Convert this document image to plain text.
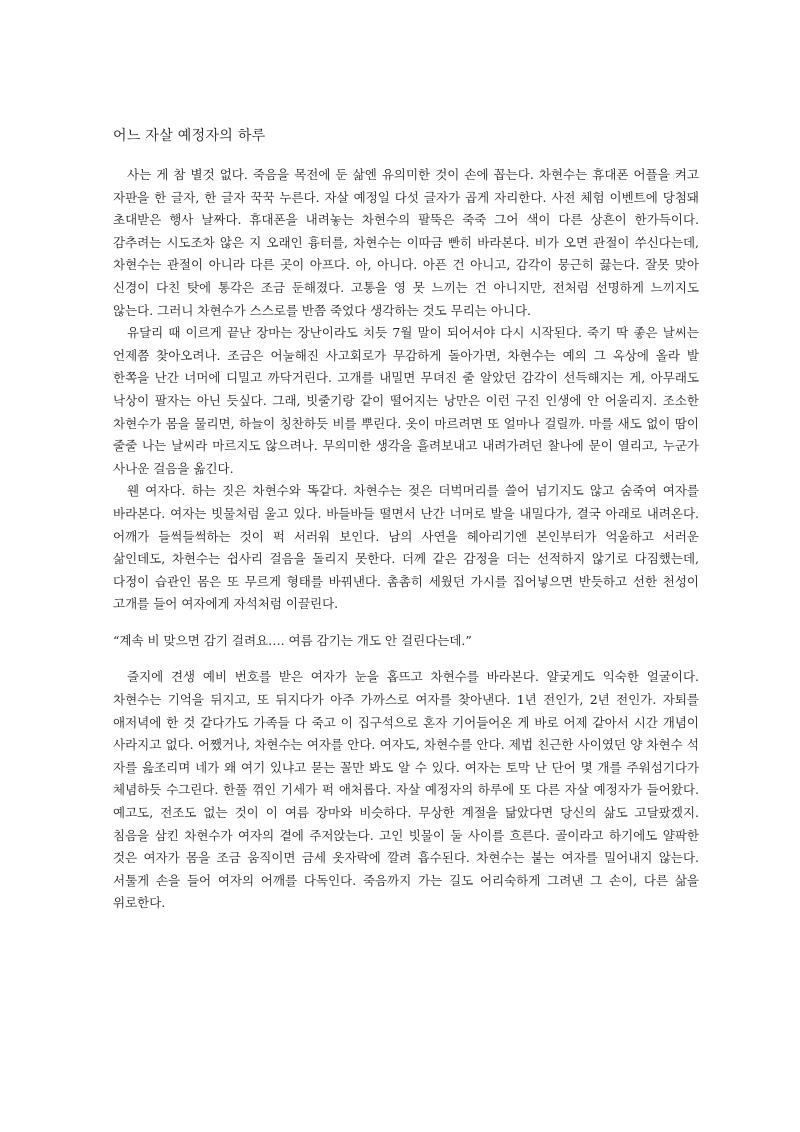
어느 자살 예정자의 하루

사는 게 참 별것 없다. 죽음을 목전에 둔 삶엔 유의미한 것이 손에 꼽는다. 차현수는 휴대폰 어플을 켜고 자판을 한 글자, 한 글자 꾹꾹 누른다. 자살 예정일 다섯 글자가 곱게 자리한다. 사전 체험 이벤트에 당첨돼 초대받은 행사 날짜다. 휴대폰을 내려놓는 차현수의 팔뚝은 죽죽 그어 색이 다른 상흔이 한가득이다. 감추려는 시도조차 않은 지 오래인 흉터를, 차현수는 이따금 빤히 바라본다. 비가 오면 관절이 쑤신다는데, 차현수는 관절이 아니라 다른 곳이 아프다. 아, 아니다. 아픈 건 아니고, 감각이 뭉근히 끓는다. 잘못 맞아 신경이 다친 탓에 통각은 조금 둔해졌다. 고통을 영 못 느끼는 건 아니지만, 전처럼 선명하게 느끼지도 않는다. 그러니 차현수가 스스로를 반쯤 죽었다 생각하는 것도 무리는 아니다.

유달리 때 이르게 끝난 장마는 장난이라도 치듯 7월 말이 되어서야 다시 시작된다. 죽기 딱 좋은 날씨는 언제쯤 찾아오려나. 조금은 어눌해진 사고회로가 무감하게 돌아가면, 차현수는 예의 그 옥상에 올라 발 한쪽을 난간 너머에 디밀고 까닥거린다. 고개를 내밀면 무뎌진 줄 알았던 감각이 선득해지는 게, 아무래도 낙상이 팔자는 아닌 듯싶다. 그래, 빗줄기랑 같이 떨어지는 낭만은 이런 구진 인생에 안 어울리지. 조소한 차현수가 몸을 물리면, 하늘이 칭찬하듯 비를 뿌린다. 옷이 마르려면 또 얼마나 걸릴까. 마를 새도 없이 땀이 줄줄 나는 날씨라 마르지도 않으려나. 무의미한 생각을 흘려보내고 내려가려던 찰나에 문이 열리고, 누군가 사나운 걸음을 옮긴다.

웬 여자다. 하는 짓은 차현수와 똑같다. 차현수는 젖은 더벅머리를 쓸어 넘기지도 않고 숨죽여 여자를 바라본다. 여자는 빗물처럼 울고 있다. 바들바들 떨면서 난간 너머로 발을 내밀다가, 결국 아래로 내려온다. 어깨가 들썩들썩하는 것이 퍽 서러워 보인다. 남의 사연을 헤아리기엔 본인부터가 억울하고 서러운 삶인데도, 차현수는 쉽사리 걸음을 돌리지 못한다. 더께 같은 감정을 더는 선적하지 않기로 다짐했는데, 다정이 습관인 몸은 또 무르게 형태를 바꿔낸다. 촘촘히 세웠던 가시를 집어넣으면 반듯하고 선한 천성이 고개를 들어 여자에게 자석처럼 이끌린다.

“계속 비 맞으면 감기 걸려요…. 여름 감기는 개도 안 걸린다는데.”

즐지에 견생 예비 번호를 받은 여자가 눈을 홉뜨고 차현수를 바라본다. 얄궂게도 익숙한 얼굴이다. 차현수는 기억을 뒤지고, 또 뒤지다가 아주 가까스로 여자를 찾아낸다. 1년 전인가, 2년 전인가. 자퇴를 애저녁에 한 것 같다가도 가족들 다 죽고 이 집구석으로 혼자 기어들어온 게 바로 어제 같아서 시간 개념이 사라지고 없다. 어쨌거나, 차현수는 여자를 안다. 여자도, 차현수를 안다. 제법 친근한 사이였던 양 차현수 석 자를 읊조리며 네가 왜 여기 있냐고 묻는 꼴만 봐도 알 수 있다. 여자는 토막 난 단어 몇 개를 주워섬기다가 체념하듯 수그린다. 한풀 꺾인 기세가 퍽 애처롭다. 자살 예정자의 하루에 또 다른 자살 예정자가 들어왔다. 예고도, 전조도 없는 것이 이 여름 장마와 비슷하다. 무상한 계절을 닮았다면 당신의 삶도 고달팠겠지. 침음을 삼킨 차현수가 여자의 곁에 주저앉는다. 고인 빗물이 둘 사이를 흐른다. 골이라고 하기에도 얄팍한 것은 여자가 몸을 조금 움직이면 금세 옷자락에 깔려 흡수된다. 차현수는 붙는 여자를 밀어내지 않는다. 서툴게 손을 들어 여자의 어깨를 다독인다. 죽음까지 가는 길도 어리숙하게 그려낸 그 손이, 다른 삶을 위로한다.
